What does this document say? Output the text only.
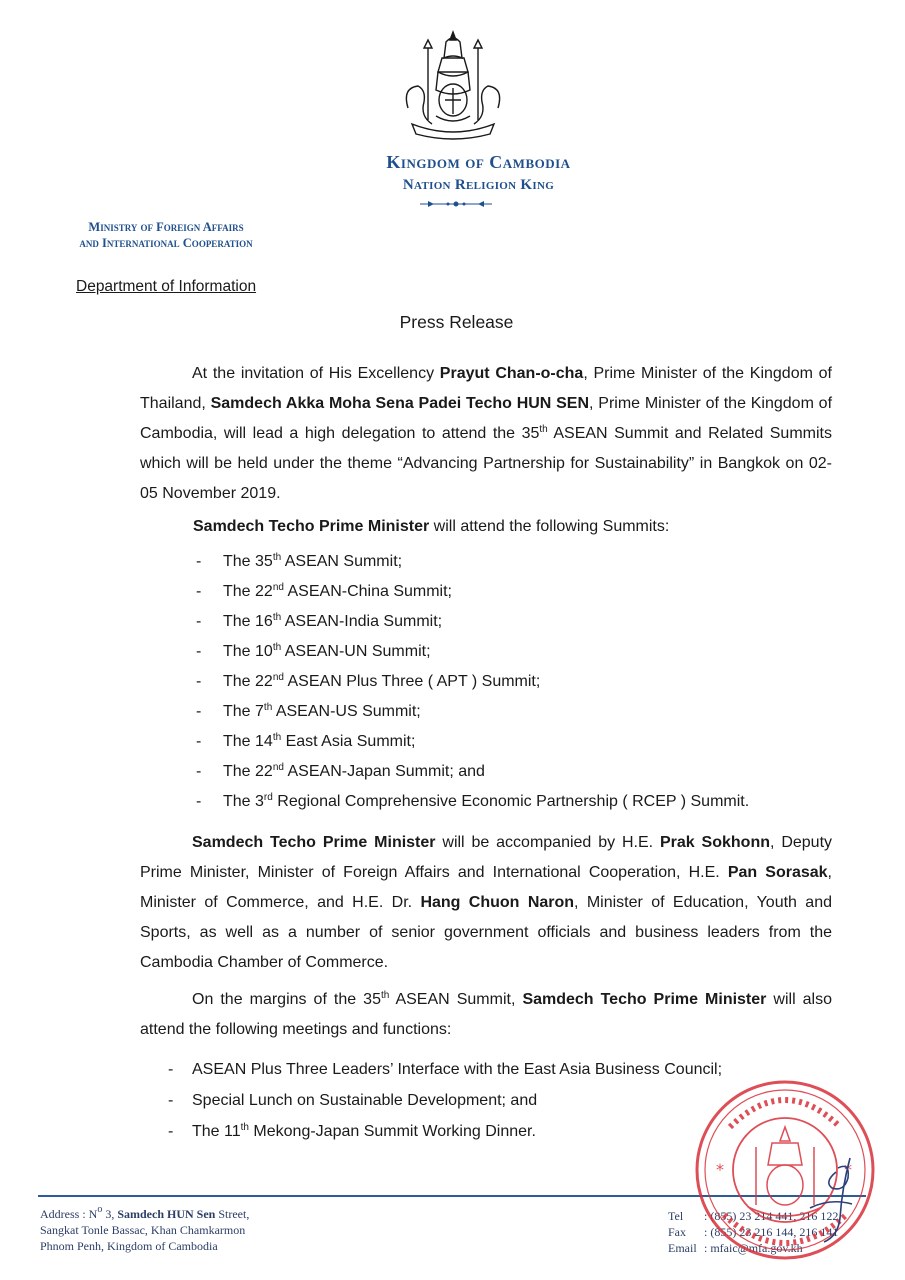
Kingdom of Cambodia
Nation Religion King
Ministry of Foreign Affairs
and International Cooperation
Department of Information
Press Release

At the invitation of His Excellency Prayut Chan-o-cha, Prime Minister of the Kingdom of Thailand, Samdech Akka Moha Sena Padei Techo HUN SEN, Prime Minister of the Kingdom of Cambodia, will lead a high delegation to attend the 35th ASEAN Summit and Related Summits which will be held under the theme “Advancing Partnership for Sustainability” in Bangkok on 02-05 November 2019.

Samdech Techo Prime Minister will attend the following Summits:
- The 35th ASEAN Summit;
- The 22nd ASEAN-China Summit;
- The 16th ASEAN-India Summit;
- The 10th ASEAN-UN Summit;
- The 22nd ASEAN Plus Three ( APT ) Summit;
- The 7th ASEAN-US Summit;
- The 14th East Asia Summit;
- The 22nd ASEAN-Japan Summit; and
- The 3rd Regional Comprehensive Economic Partnership ( RCEP ) Summit.

Samdech Techo Prime Minister will be accompanied by H.E. Prak Sokhonn, Deputy Prime Minister, Minister of Foreign Affairs and International Cooperation, H.E. Pan Sorasak, Minister of Commerce, and H.E. Dr. Hang Chuon Naron, Minister of Education, Youth and Sports, as well as a number of senior government officials and business leaders from the Cambodia Chamber of Commerce.

On the margins of the 35th ASEAN Summit, Samdech Techo Prime Minister will also attend the following meetings and functions:

- ASEAN Plus Three Leaders’ Interface with the East Asia Business Council;
- Special Lunch on Sustainable Development; and
- The 11th Mekong-Japan Summit Working Dinner.
Address : $N^o$ 3, Samdech HUN Sen Street,
Sangkat Tonle Bassac, Khan Chamkarmon
Phnom Penh, Kingdom of Cambodia
Tel : (855) 23 214 441, 216 122
Fax : (855) 23 216 144, 216 141
Email : mfaic@mfa.gov.kh
*	*
